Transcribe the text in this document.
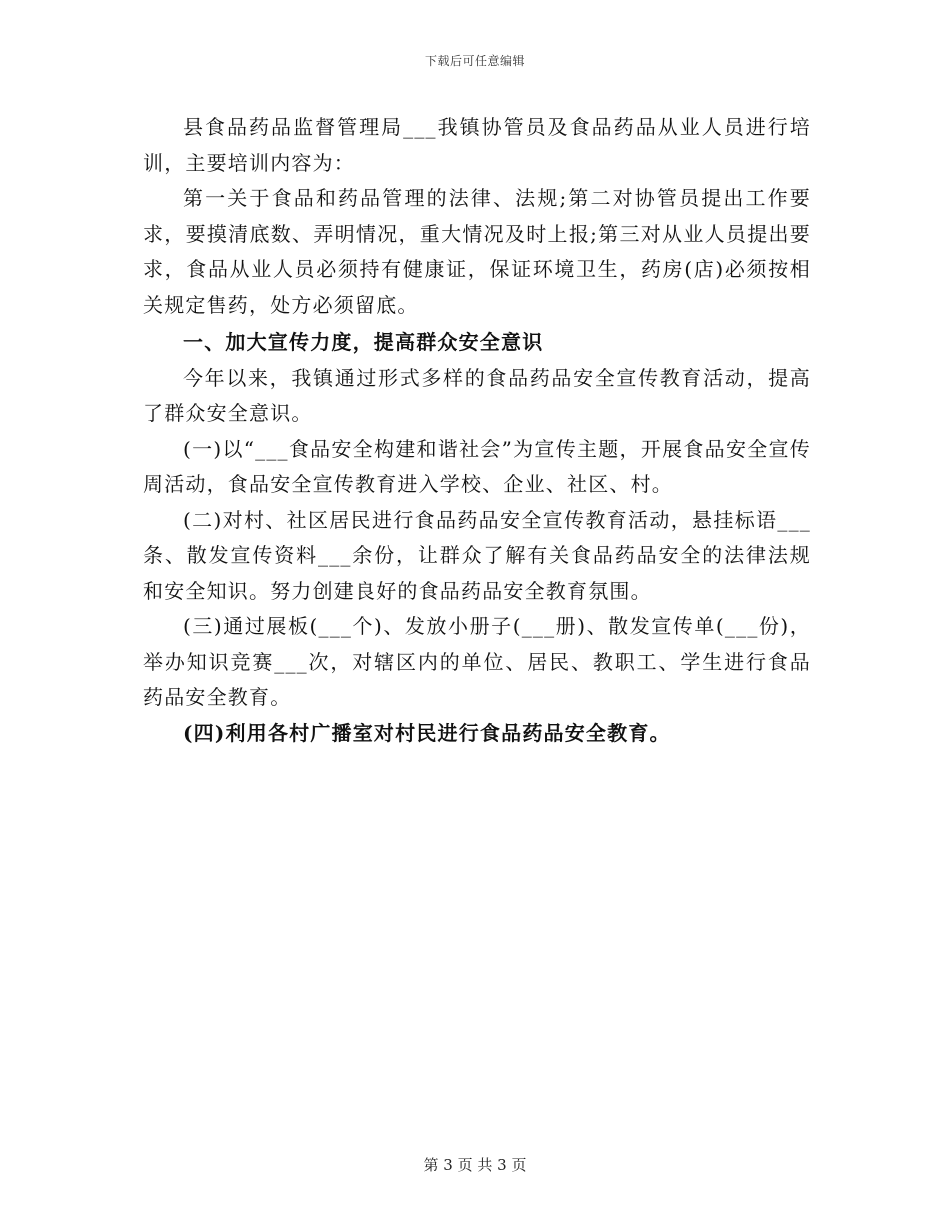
下载后可任意编辑

县食品药品监督管理局___我镇协管员及食品药品从业人员进行培训，主要培训内容为：

第一关于食品和药品管理的法律、法规;第二对协管员提出工作要求，要摸清底数、弄明情况，重大情况及时上报;第三对从业人员提出要求，食品从业人员必须持有健康证，保证环境卫生，药房(店)必须按相关规定售药，处方必须留底。

一、加大宣传力度，提高群众安全意识

今年以来，我镇通过形式多样的食品药品安全宣传教育活动，提高了群众安全意识。

(一)以“___食品安全构建和谐社会”为宣传主题，开展食品安全宣传周活动，食品安全宣传教育进入学校、企业、社区、村。

(二)对村、社区居民进行食品药品安全宣传教育活动，悬挂标语___条、散发宣传资料___余份，让群众了解有关食品药品安全的法律法规和安全知识。努力创建良好的食品药品安全教育氛围。

(三)通过展板(___个)、发放小册子(___册)、散发宣传单(___份)，举办知识竞赛___次，对辖区内的单位、居民、教职工、学生进行食品药品安全教育。

(四)利用各村广播室对村民进行食品药品安全教育。

第 3 页 共 3 页
